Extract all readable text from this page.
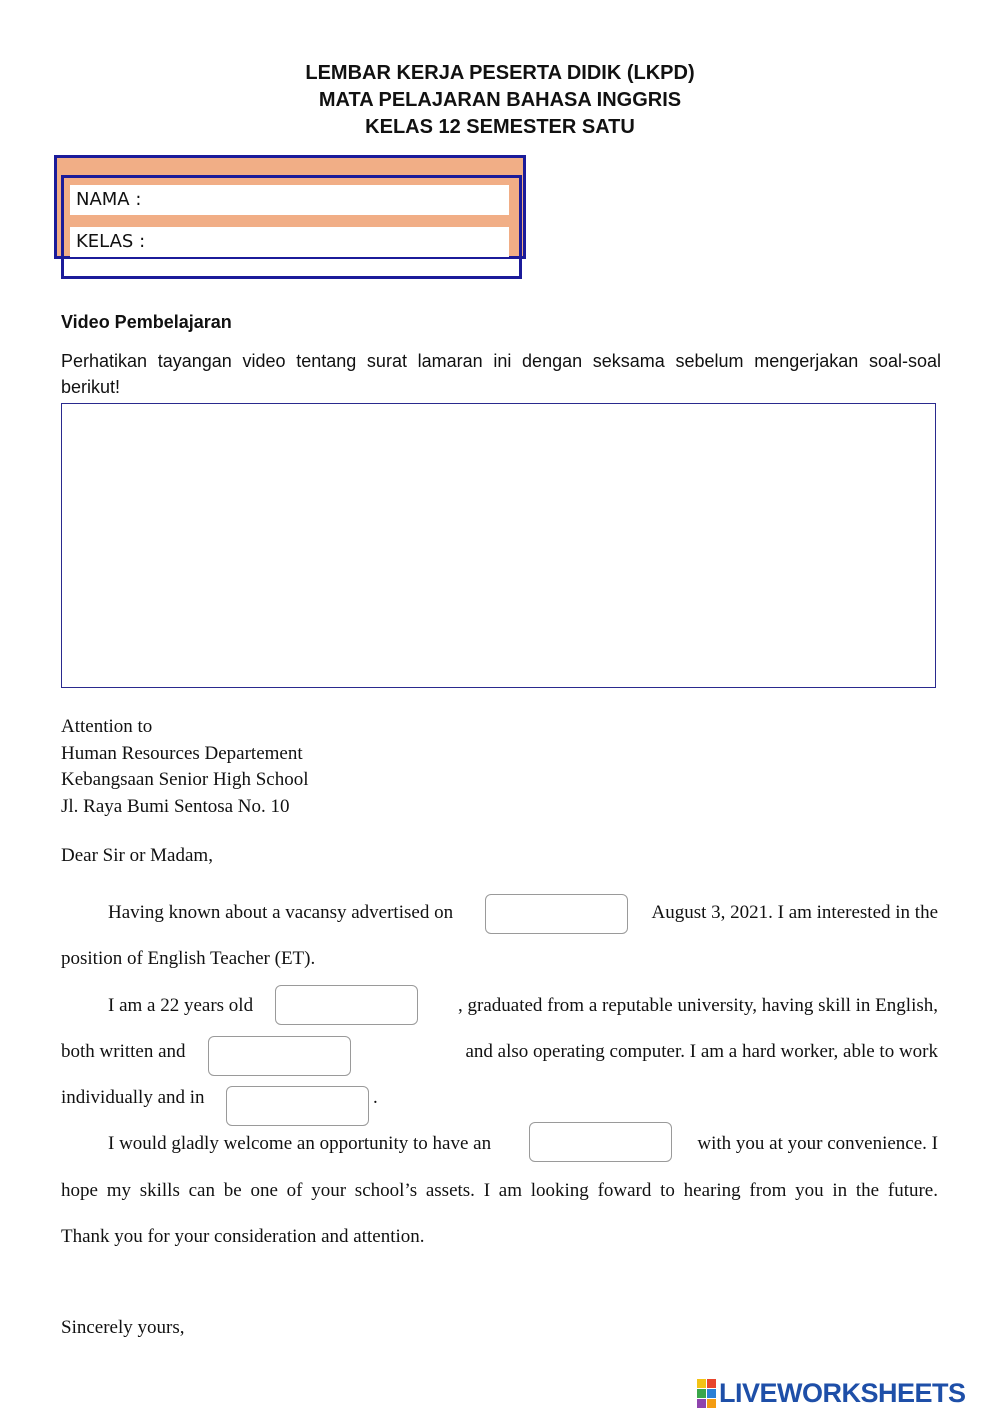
LEMBAR KERJA PESERTA DIDIK (LKPD)
MATA PELAJARAN BAHASA INGGRIS
KELAS 12 SEMESTER SATU
NAMA :
KELAS :
Video Pembelajaran
Perhatikan tayangan video tentang surat lamaran ini dengan seksama sebelum mengerjakan soal-soal berikut!
Attention to
Human Resources Departement
Kebangsaan Senior High School
Jl. Raya Bumi Sentosa No. 10
Dear Sir or Madam,
Having known about a vacansy advertised on	August 3, 2021. I am interested in the
position of English Teacher (ET).
I am a 22 years old	, graduated from a reputable university, having skill in English,
both written and	and also operating computer. I am a hard worker, able to work
individually and in	.
I would gladly welcome an opportunity to have an	with you at your convenience. I
hope my skills can be one of your school’s assets. I am looking foward to hearing from you in the future.
Thank you for your consideration and attention.
Sincerely yours,
LIVEWORKSHEETS
